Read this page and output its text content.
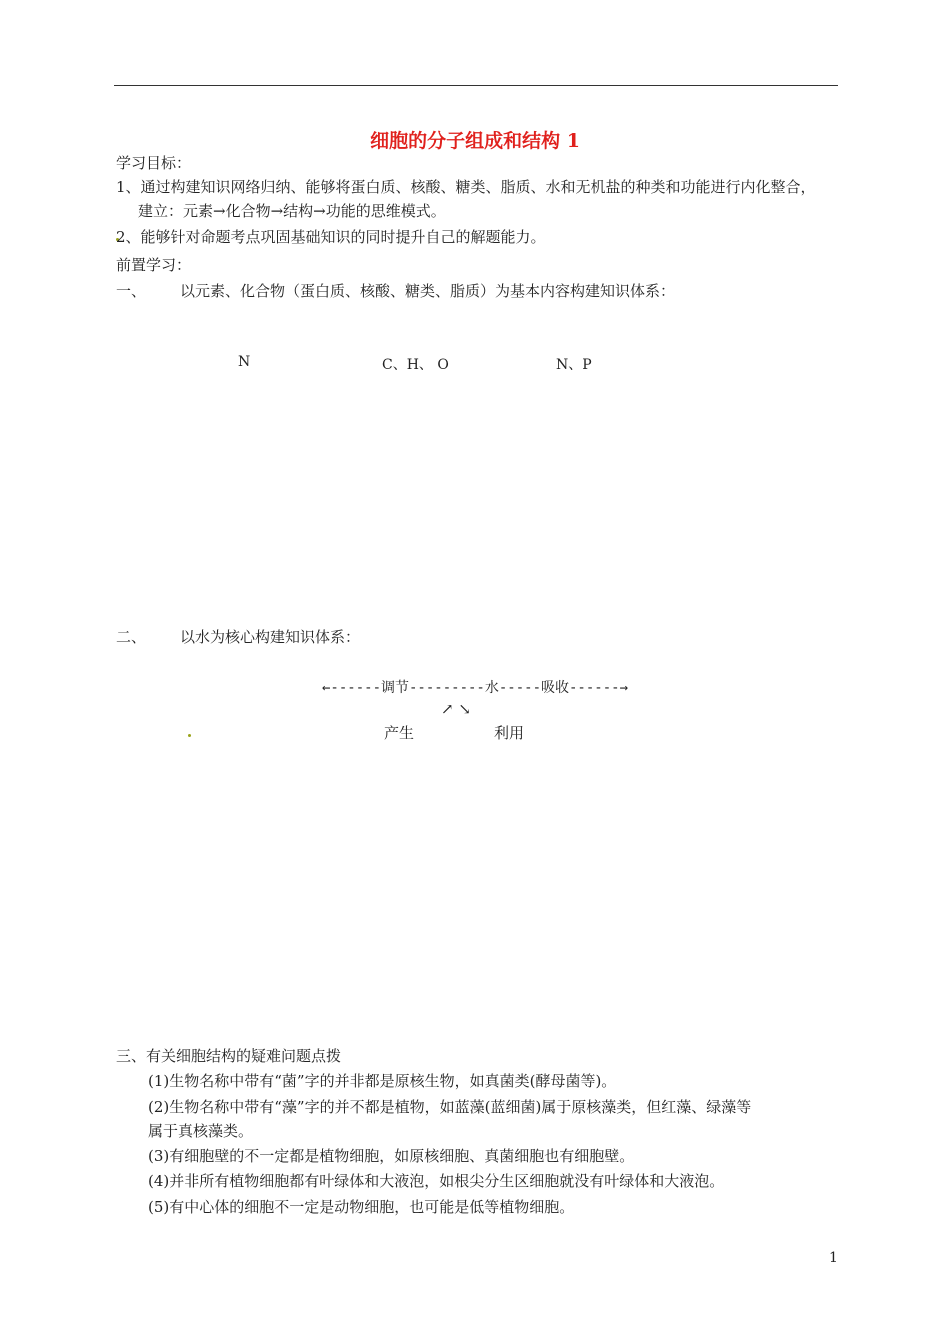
细胞的分子组成和结构 1
学习目标：
1、通过构建知识网络归纳、能够将蛋白质、核酸、糖类、脂质、水和无机盐的种类和功能进行内化整合，
建立：元素→化合物→结构→功能的思维模式。
2、能够针对命题考点巩固基础知识的同时提升自己的解题能力。
前置学习：
一、 以元素、化合物（蛋白质、核酸、糖类、脂质）为基本内容构建知识体系：
N	C、H、 O	N、P
二、 以水为核心构建知识体系：
←------调节---------水-----吸收------→
↗ ↘
产生	利用
三、有关细胞结构的疑难问题点拨
(1)生物名称中带有“菌”字的并非都是原核生物，如真菌类(酵母菌等)。
(2)生物名称中带有“藻”字的并不都是植物，如蓝藻(蓝细菌)属于原核藻类，但红藻、绿藻等
属于真核藻类。
(3)有细胞壁的不一定都是植物细胞，如原核细胞、真菌细胞也有细胞壁。
(4)并非所有植物细胞都有叶绿体和大液泡，如根尖分生区细胞就没有叶绿体和大液泡。
(5)有中心体的细胞不一定是动物细胞，也可能是低等植物细胞。
1
